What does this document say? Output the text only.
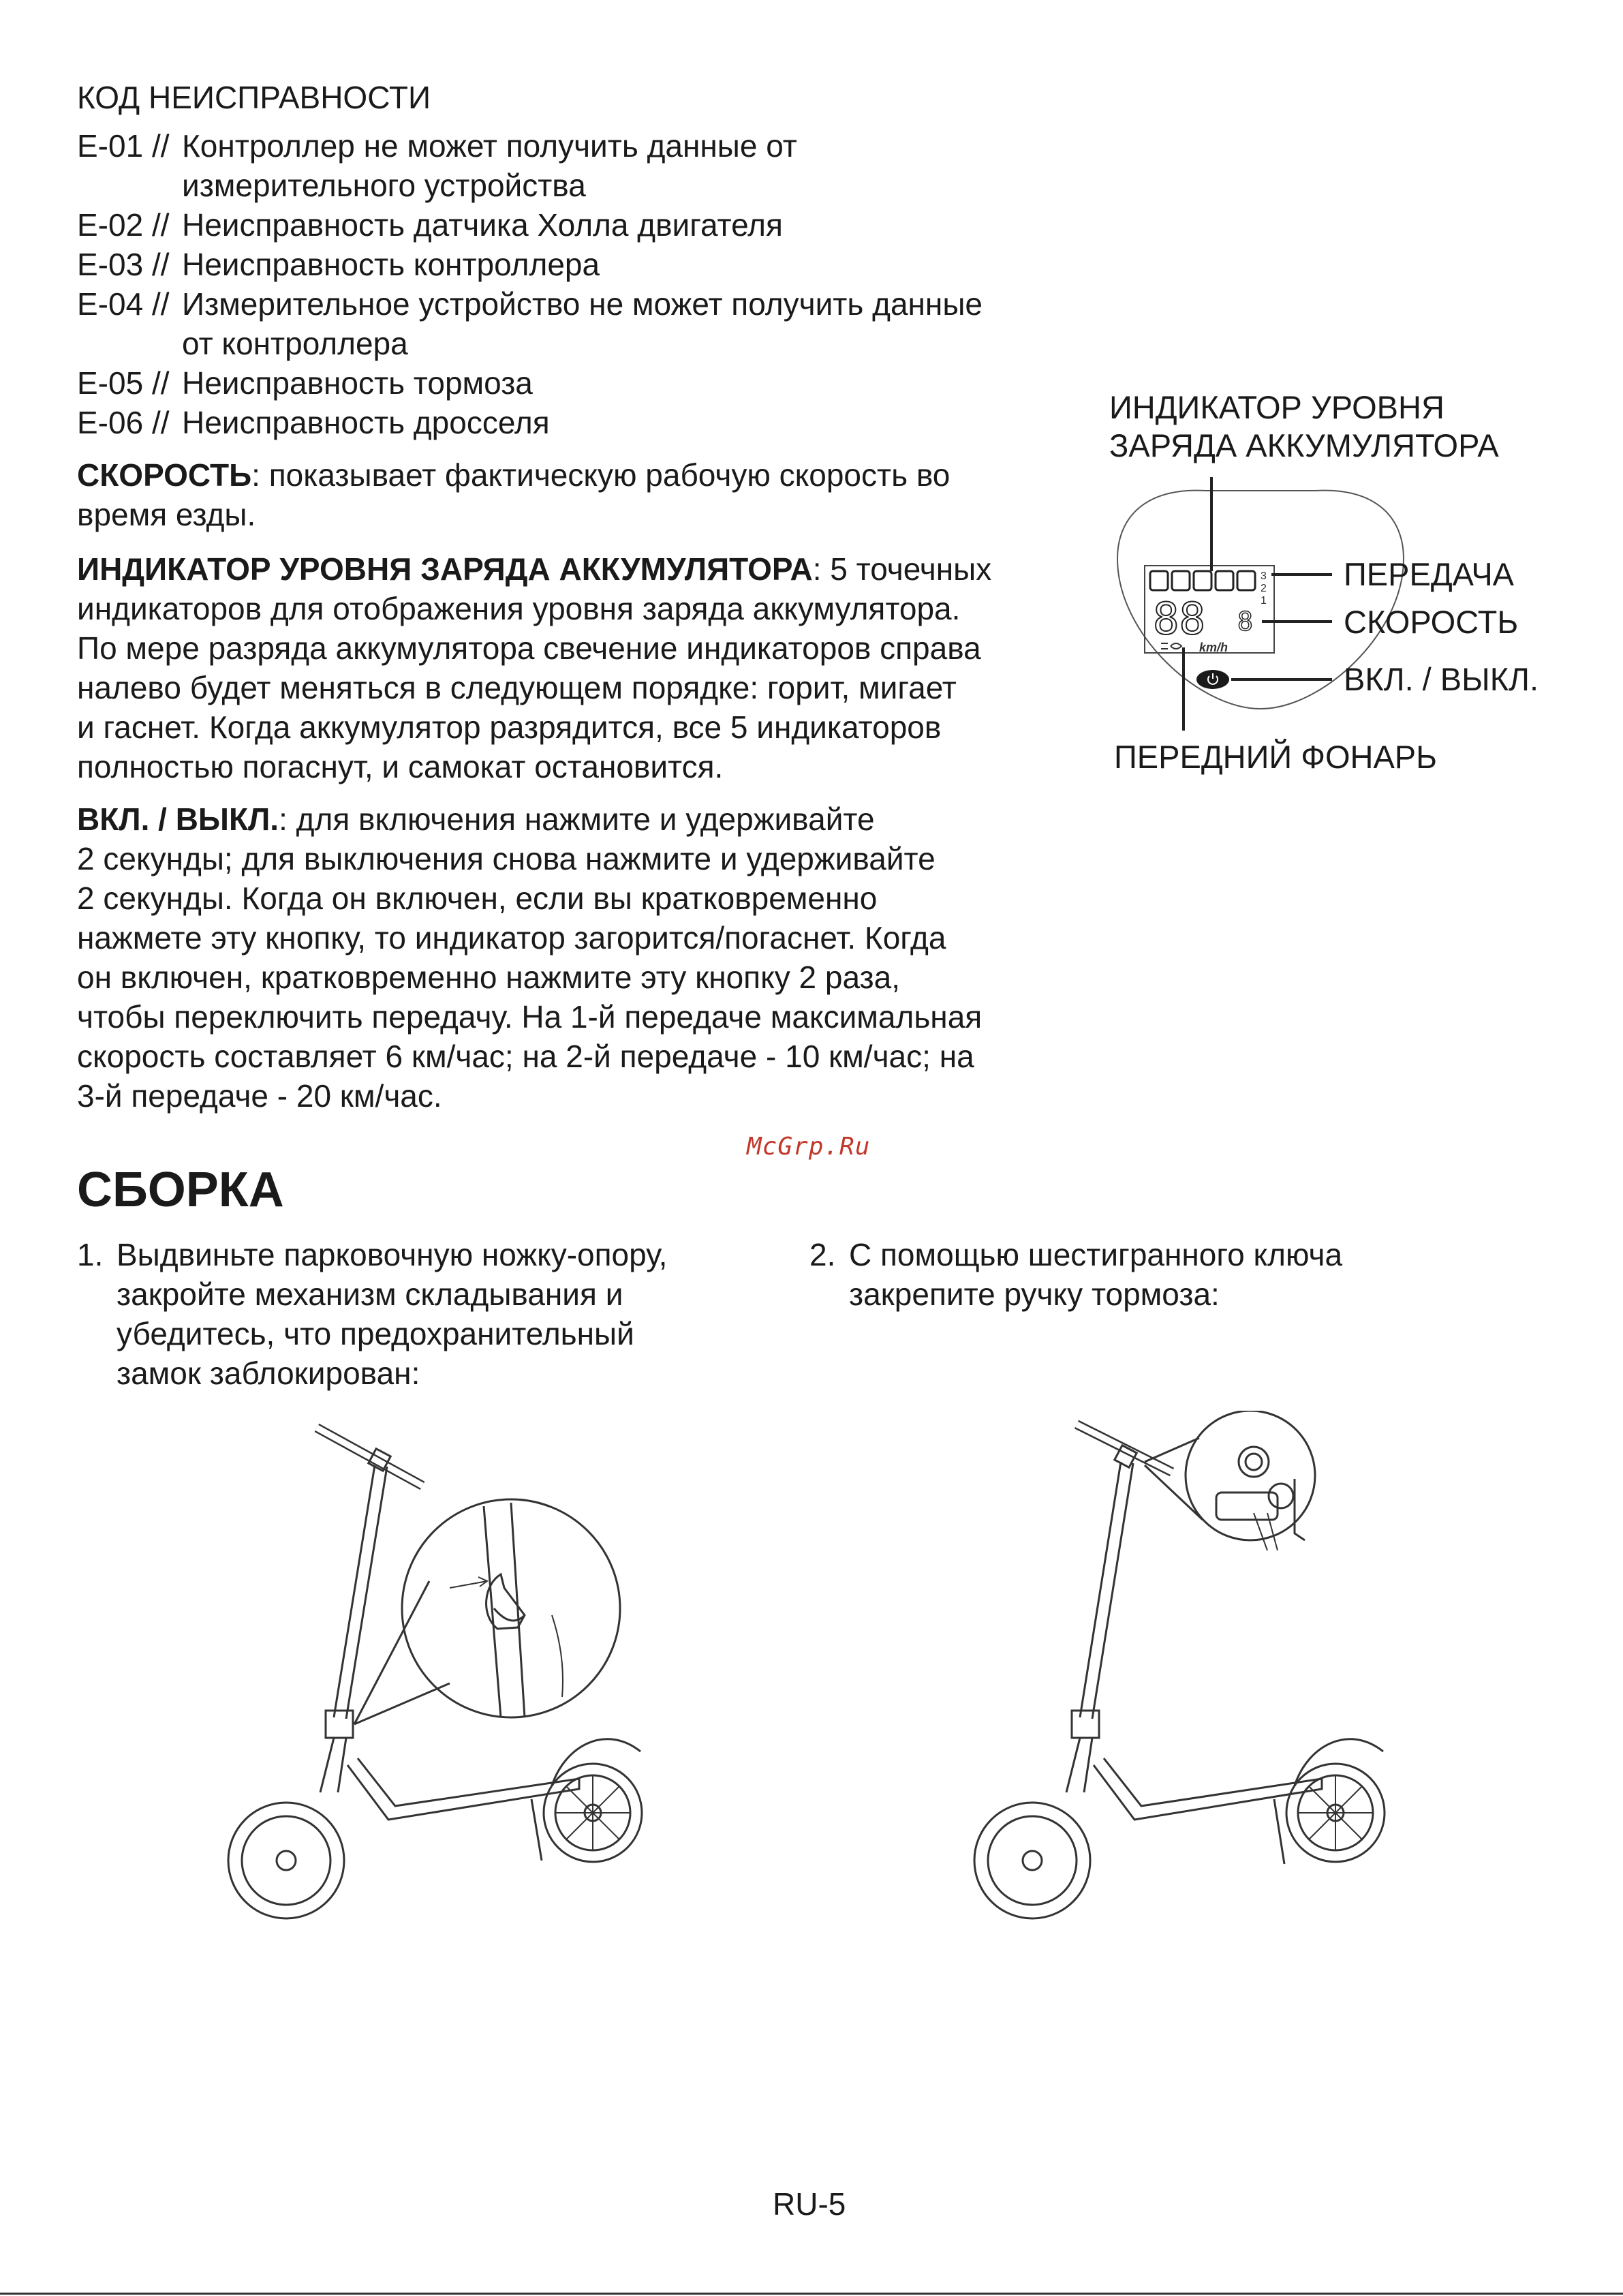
КОД НЕИСПРАВНОСТИ
E-01 // Контроллер не может получить данные от
измерительного устройства
E-02 // Неисправность датчика Холла двигателя
E-03 // Неисправность контроллера
E-04 // Измерительное устройство не может получить данные
от контроллера
E-05 // Неисправность тормоза
E-06 // Неисправность дросселя
СКОРОСТЬ: показывает фактическую рабочую скорость во
время езды.
ИНДИКАТОР УРОВНЯ ЗАРЯДА АККУМУЛЯТОРА: 5 точечных
индикаторов для отображения уровня заряда аккумулятора.
По мере разряда аккумулятора свечение индикаторов справа
налево будет меняться в следующем порядке: горит, мигает
и гаснет. Когда аккумулятор разрядится, все 5 индикаторов
полностью погаснут, и самокат остановится.
ВКЛ. / ВЫКЛ.: для включения нажмите и удерживайте
2 секунды; для выключения снова нажмите и удерживайте
2 секунды. Когда он включен, если вы кратковременно
нажмете эту кнопку, то индикатор загорится/погаснет. Когда
он включен, кратковременно нажмите эту кнопку 2 раза,
чтобы переключить передачу. На 1-й передаче максимальная
скорость составляет 6 км/час; на 2-й передаче - 10 км/час; на
3-й передаче - 20 км/час.
ИНДИКАТОР УРОВНЯ
ЗАРЯДА АККУМУЛЯТОРА
3
2
1
88 8
km/h
ПЕРЕДАЧА
СКОРОСТЬ
ВКЛ. / ВЫКЛ.
ПЕРЕДНИЙ ФОНАРЬ
McGrp.Ru
СБОРКА
1. Выдвиньте парковочную ножку-опору,
закройте механизм складывания и
убедитесь, что предохранительный
замок заблокирован:
2. С помощью шестигранного ключа
закрепите ручку тормоза:
RU-5
